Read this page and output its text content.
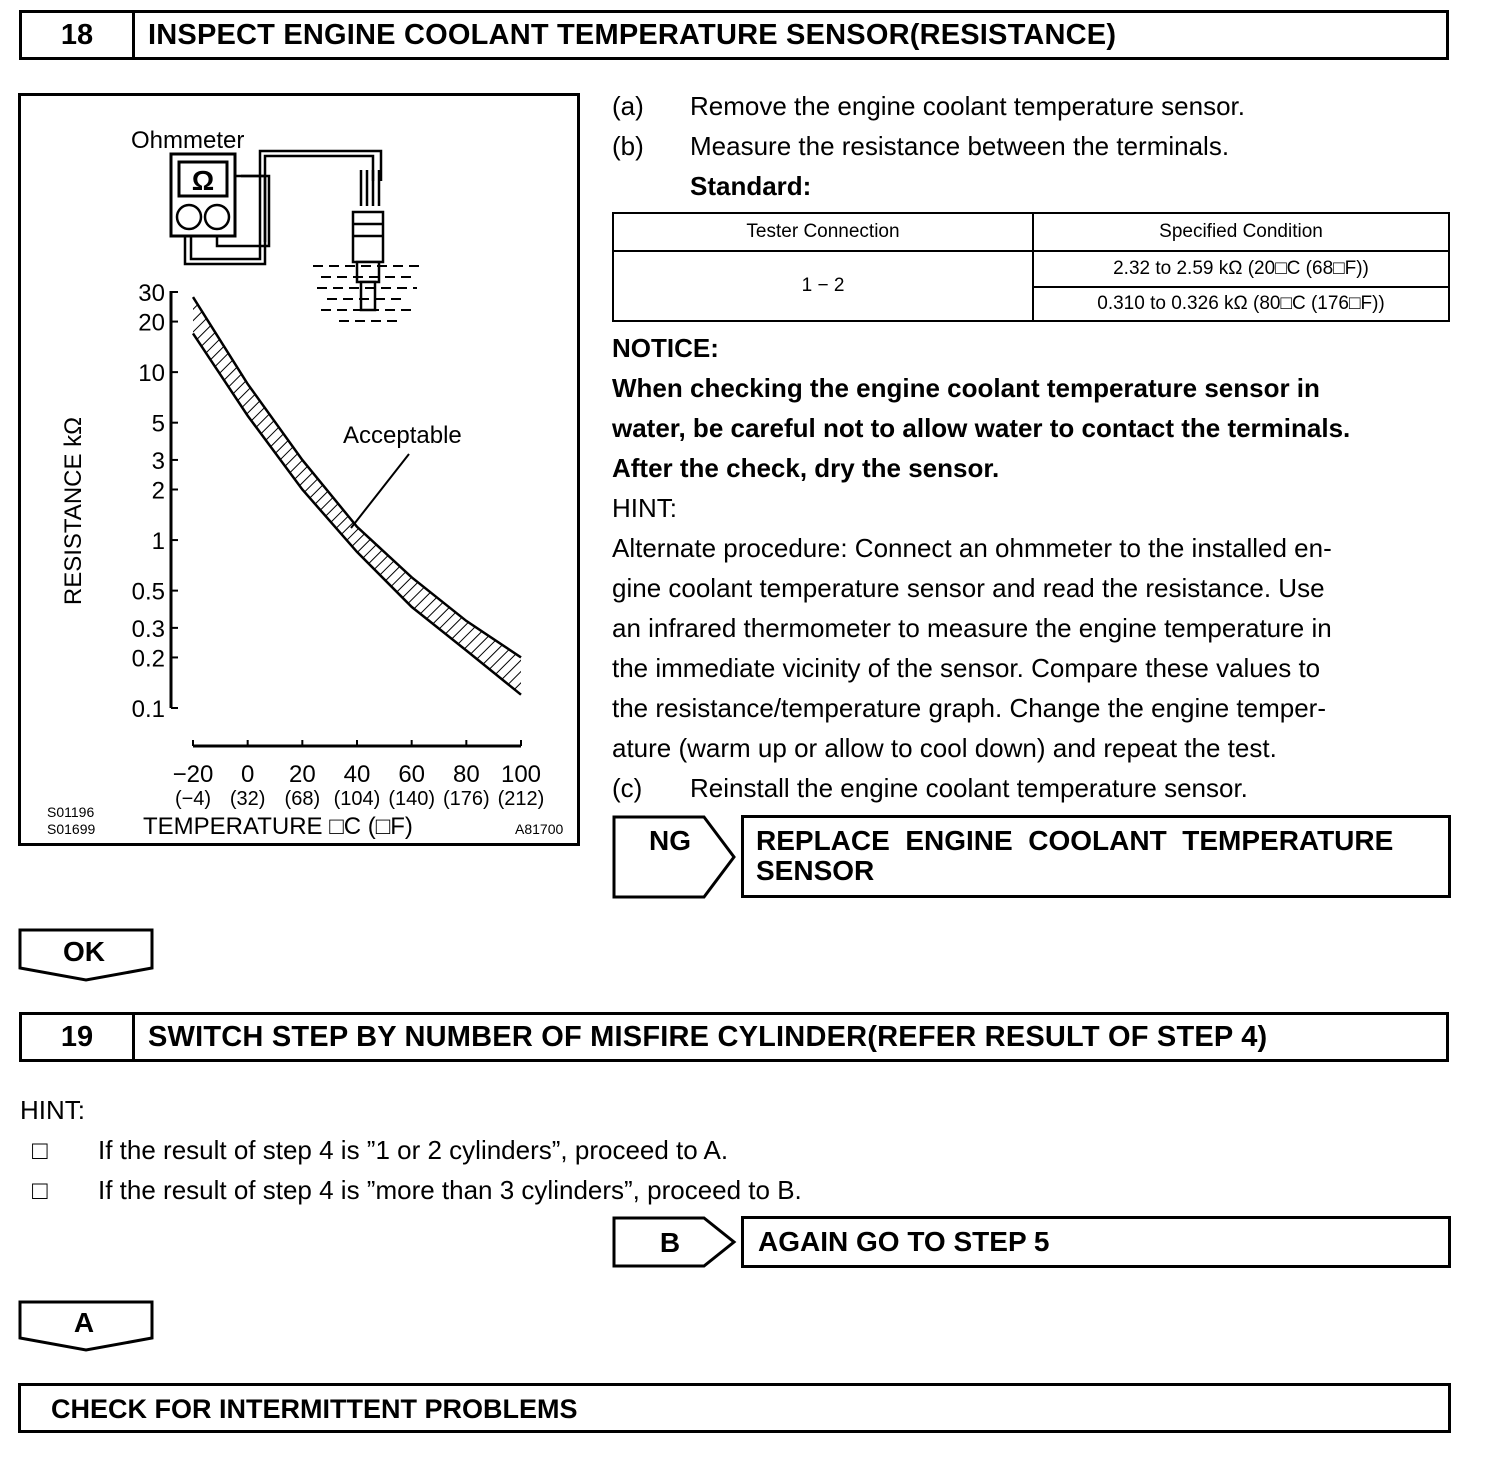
18	INSPECT ENGINE COOLANT TEMPERATURE SENSOR(RESISTANCE)
Ohmmeter
Ω
30
20
10
5
3
2
1
0.5
0.3
0.2
0.1
−20
(−4)
0
(32)
20
(68)
40
(104)
60
(140)
80
(176)
100
(212)
Acceptable
RESISTANCE kΩ
TEMPERATURE □C (□F)
S01196
S01699	A81700
(a) Remove the engine coolant temperature sensor.
(b) Measure the resistance between the terminals.
Standard:
Tester Connection	Specified Condition
1 − 2	2.32 to 2.59 kΩ (20□C (68□F))
	0.310 to 0.326 kΩ (80□C (176□F))
NOTICE:
When checking the engine coolant temperature sensor in
water, be careful not to allow water to contact the terminals.
After the check, dry the sensor.
HINT:
Alternate procedure: Connect an ohmmeter to the installed en-
gine coolant temperature sensor and read the resistance. Use
an infrared thermometer to measure the engine temperature in
the immediate vicinity of the sensor. Compare these values to
the resistance/temperature graph. Change the engine temper-
ature (warm up or allow to cool down) and repeat the test.
(c) Reinstall the engine coolant temperature sensor.
NG REPLACE  ENGINE  COOLANT  TEMPERATURE
SENSOR
OK
19	SWITCH STEP BY NUMBER OF MISFIRE CYLINDER(REFER RESULT OF STEP 4)
HINT:
□ If the result of step 4 is ”1 or 2 cylinders”, proceed to A.
□ If the result of step 4 is ”more than 3 cylinders”, proceed to B.
B	AGAIN GO TO STEP 5
A
CHECK FOR INTERMITTENT PROBLEMS
